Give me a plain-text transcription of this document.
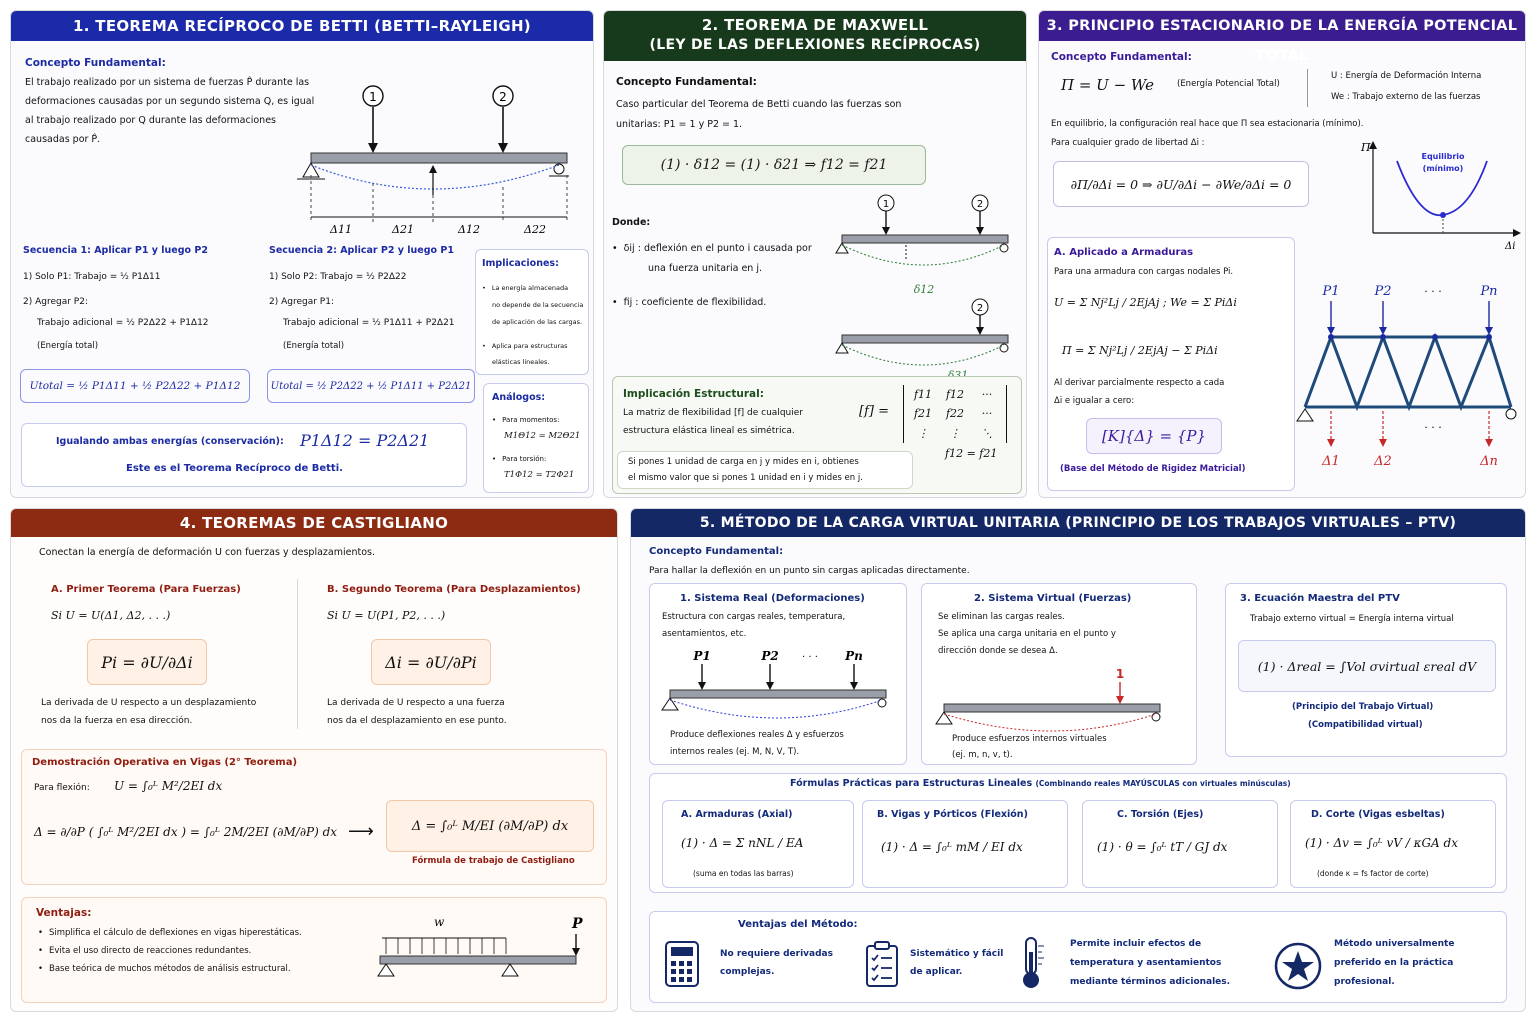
1. TEOREMA RECÍPROCO DE BETTI (BETTI–RAYLEIGH)
Concepto Fundamental:
El trabajo realizado por un sistema de fuerzas P̂ durante las
deformaciones causadas por un segundo sistema Q, es igual
al trabajo realizado por Q durante las deformaciones
causadas por P̂.
1	2
Δ11	Δ21	Δ12	Δ22
Secuencia 1: Aplicar P1 y luego P2
1) Solo P1: Trabajo = ½ P1Δ11
2) Agregar P2:
Trabajo adicional = ½ P2Δ22 + P1Δ12
(Energía total)
Utotal = ½ P1Δ11 + ½ P2Δ22 + P1Δ12
Secuencia 2: Aplicar P2 y luego P1
1) Solo P2: Trabajo = ½ P2Δ22
2) Agregar P1:
Trabajo adicional = ½ P1Δ11 + P2Δ21
(Energía total)
Utotal = ½ P2Δ22 + ½ P1Δ11 + P2Δ21
Implicaciones:
• La energía almacenada
no depende de la secuencia
de aplicación de las cargas.
• Aplica para estructuras
elásticas lineales.
Análogos:
• Para momentos:
M1Θ12 = M2Θ21
• Para torsión:
T1Φ12 = T2Φ21
Igualando ambas energías (conservación): P1Δ12 = P2Δ21
Este es el Teorema Recíproco de Betti.
2. TEOREMA DE MAXWELL
(LEY DE LAS DEFLEXIONES RECÍPROCAS)
Concepto Fundamental:
Caso particular del Teorema de Betti cuando las fuerzas son
unitarias: P1 = 1 y P2 = 1.
(1) · δ12 = (1) · δ21 ⇒ f12 = f21
Donde:
• δij : deflexión en el punto i causada por
una fuerza unitaria en j.
• fij : coeficiente de flexibilidad.
1	2
δ12
2
Implicación Estructural:
La matriz de flexibilidad [f] de cualquier
estructura elástica lineal es simétrica.
[f] =
f11	f12	···
f21	f22	···
⋮	⋮	⋱
f12 = f21
Si pones 1 unidad de carga en j y mides en i, obtienes
el mismo valor que si pones 1 unidad en i y mides en j.
3. PRINCIPIO ESTACIONARIO DE LA ENERGÍA POTENCIAL TOTAL
Concepto Fundamental:
Π = U − We	(Energía Potencial Total)
U : Energía de Deformación Interna
We : Trabajo externo de las fuerzas
En equilibrio, la configuración real hace que Π sea estacionaria (mínimo).
Para cualquier grado de libertad Δi :
∂Π/∂Δi = 0 ⇒ ∂U/∂Δi − ∂We/∂Δi = 0
Π
Δi
Equilibrio
(mínimo)
A. Aplicado a Armaduras
Para una armadura con cargas nodales Pi.
U = Σ Nj²Lj / 2EjAj ; We = Σ PiΔi
Π = Σ Nj²Lj / 2EjAj − Σ PiΔi
Al derivar parcialmente respecto a cada
Δi e igualar a cero:
[K]{Δ} = {P}
(Base del Método de Rigidez Matricial)
P1	P2	· · ·	Pn
Δ1	Δ2
· · ·
Δn
4. TEOREMAS DE CASTIGLIANO
Conectan la energía de deformación U con fuerzas y desplazamientos.
A. Primer Teorema (Para Fuerzas)
Si U = U(Δ1, Δ2, . . .)
Pi = ∂U/∂Δi
La derivada de U respecto a un desplazamiento
nos da la fuerza en esa dirección.
B. Segundo Teorema (Para Desplazamientos)
Si U = U(P1, P2, . . .)
Δi = ∂U/∂Pi
La derivada de U respecto a una fuerza
nos da el desplazamiento en ese punto.
Demostración Operativa en Vigas (2° Teorema)
Para flexión: U = ∫₀ᴸ M²/2EI dx
Δ = ∂/∂P ( ∫₀ᴸ M²/2EI dx ) = ∫₀ᴸ 2M/2EI (∂M/∂P) dx ⟶	Δ = ∫₀ᴸ M/EI (∂M/∂P) dx
Fórmula de trabajo de Castigliano
Ventajas:
• Simplifica el cálculo de deflexiones en vigas hiperestáticas.
• Evita el uso directo de reacciones redundantes.
• Base teórica de muchos métodos de análisis estructural.
w	P
5. MÉTODO DE LA CARGA VIRTUAL UNITARIA (PRINCIPIO DE LOS TRABAJOS VIRTUALES – PTV)
Concepto Fundamental:
Para hallar la deflexión en un punto sin cargas aplicadas directamente.
1. Sistema Real (Deformaciones)
Estructura con cargas reales, temperatura,
asentamientos, etc.
P1	P2 · · · Pn
Produce deflexiones reales Δ y esfuerzos
internos reales (ej. M, N, V, T).
2. Sistema Virtual (Fuerzas)
Se eliminan las cargas reales.
Se aplica una carga unitaria en el punto y
dirección donde se desea Δ.
1
Produce esfuerzos internos virtuales
(ej. m, n, v, t).
3. Ecuación Maestra del PTV
Trabajo externo virtual = Energía interna virtual
(1) · Δreal = ∫Vol σvirtual εreal dV
(Principio del Trabajo Virtual)
(Compatibilidad virtual)
Fórmulas Prácticas para Estructuras Lineales (Combinando reales MAYÚSCULAS con virtuales minúsculas)
A. Armaduras (Axial)
(1) · Δ = Σ nNL / EA
(suma en todas las barras)
B. Vigas y Pórticos (Flexión)
(1) · Δ = ∫₀ᴸ mM / EI dx
C. Torsión (Ejes)
(1) · θ = ∫₀ᴸ tT / GJ dx
D. Corte (Vigas esbeltas)
(1) · Δv = ∫₀ᴸ vV / κGA dx
(donde κ = fs factor de corte)
Ventajas del Método:
No requiere derivadas
complejas.
Sistemático y fácil
de aplicar.
Permite incluir efectos de
temperatura y asentamientos
mediante términos adicionales.
Método universalmente
preferido en la práctica
profesional.
